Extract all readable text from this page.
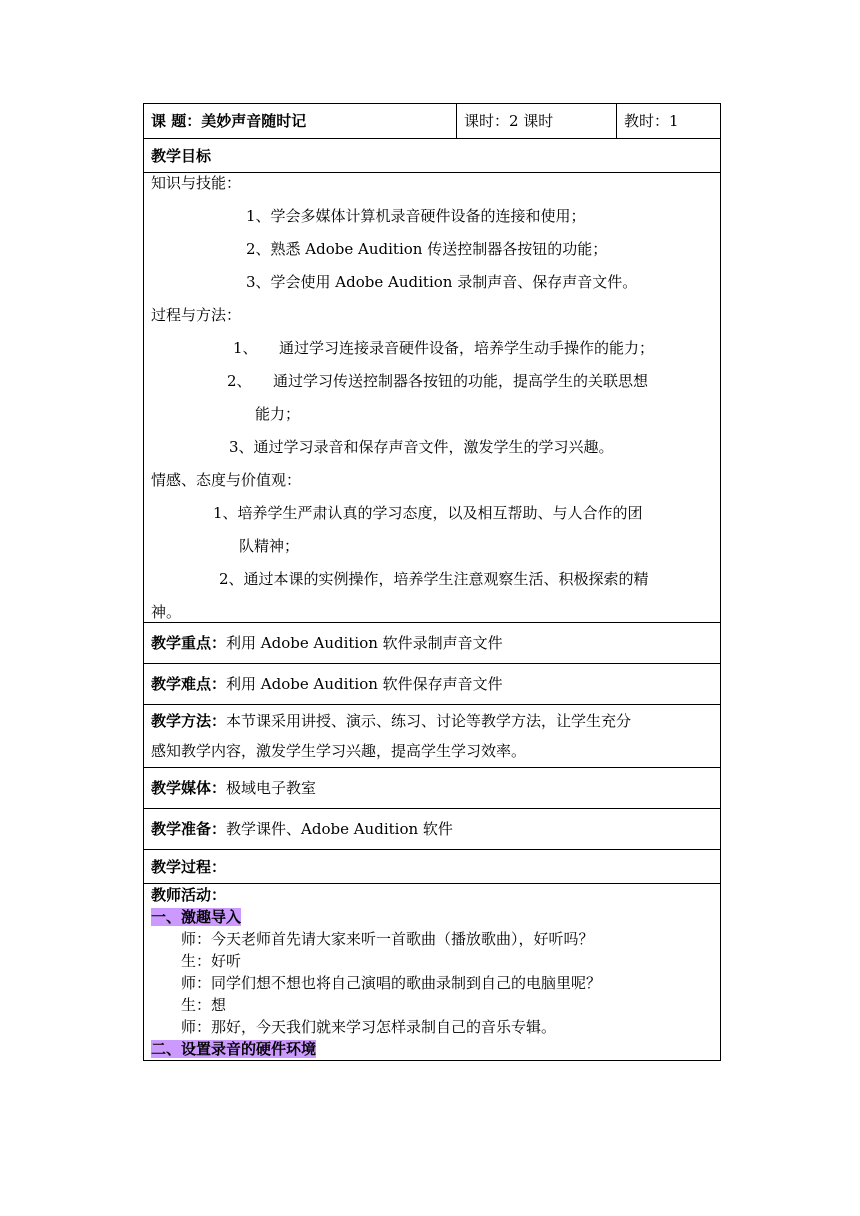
课 题：美妙声音随时记	课时：2 课时	教时：1
教学目标

知识与技能：

1、学会多媒体计算机录音硬件设备的连接和使用；

2、熟悉 Adobe Audition 传送控制器各按钮的功能；

3、学会使用 Adobe Audition 录制声音、保存声音文件。

过程与方法：

1、 通过学习连接录音硬件设备，培养学生动手操作的能力；

2、 通过学习传送控制器各按钮的功能，提高学生的关联思想

能力；

3、通过学习录音和保存声音文件，激发学生的学习兴趣。

情感、态度与价值观：

1、培养学生严肃认真的学习态度，以及相互帮助、与人合作的团

队精神；

2、通过本课的实例操作，培养学生注意观察生活、积极探索的精

神。

教学重点：利用 Adobe Audition 软件录制声音文件
教学难点：利用 Adobe Audition 软件保存声音文件

教学方法：本节课采用讲授、演示、练习、讨论等教学方法，让学生充分
感知教学内容，激发学生学习兴趣，提高学生学习效率。

教学媒体：极域电子教室
教学准备：教学课件、Adobe Audition 软件
教学过程：

教师活动：

一、激趣导入

师：今天老师首先请大家来听一首歌曲（播放歌曲），好听吗？

生：好听

师：同学们想不想也将自己演唱的歌曲录制到自己的电脑里呢？

生：想

师：那好，今天我们就来学习怎样录制自己的音乐专辑。

二、设置录音的硬件环境
